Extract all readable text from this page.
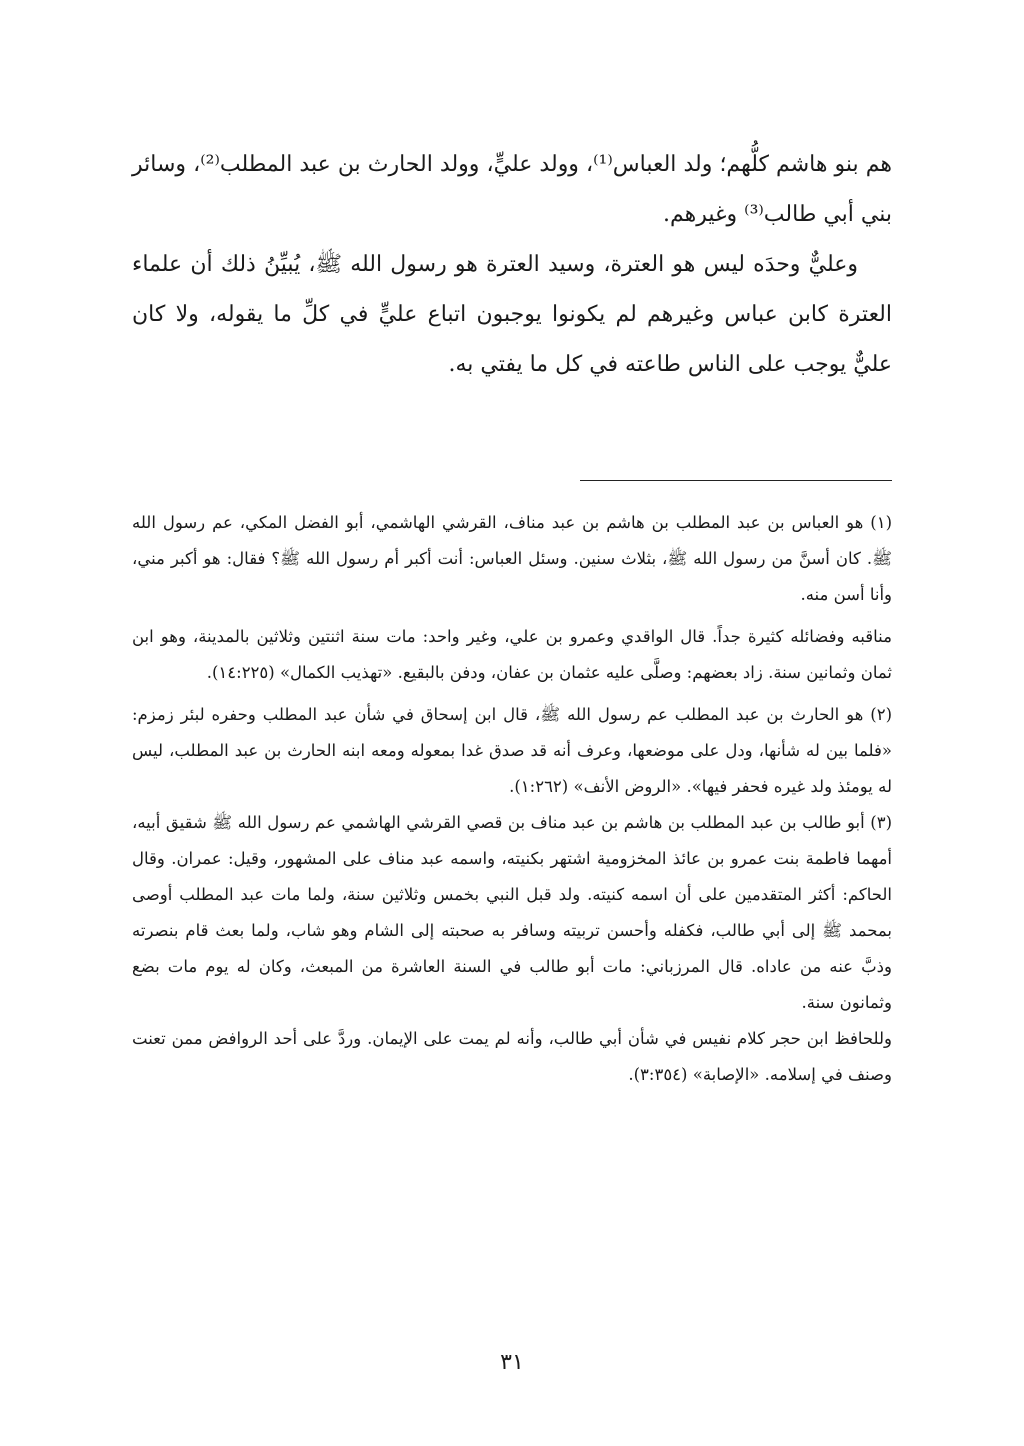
هم بنو هاشم كلُّهم؛ ولد العباس⁽¹⁾، وولد عليٍّ، وولد الحارث بن عبد المطلب⁽²⁾، وسائر بني أبي طالب⁽³⁾ وغيرهم.

وعليٌّ وحدَه ليس هو العترة، وسيد العترة هو رسول الله ﷺ، يُبيِّنُ ذلك أن علماء العترة كابن عباس وغيرهم لم يكونوا يوجبون اتباع عليٍّ في كلِّ ما يقوله، ولا كان عليٌّ يوجب على الناس طاعته في كل ما يفتي به.

(١) هو العباس بن عبد المطلب بن هاشم بن عبد مناف، القرشي الهاشمي، أبو الفضل المكي، عم رسول الله ﷺ. كان أسنَّ من رسول الله ﷺ، بثلاث سنين. وسئل العباس: أنت أكبر أم رسول الله ﷺ؟ فقال: هو أكبر مني، وأنا أسن منه.

مناقبه وفضائله كثيرة جداً. قال الواقدي وعمرو بن علي، وغير واحد: مات سنة اثنتين وثلاثين بالمدينة، وهو ابن ثمان وثمانين سنة. زاد بعضهم: وصلَّى عليه عثمان بن عفان، ودفن بالبقيع. «تهذيب الكمال» (١٤:٢٢٥).

(٢) هو الحارث بن عبد المطلب عم رسول الله ﷺ، قال ابن إسحاق في شأن عبد المطلب وحفره لبئر زمزم: «فلما بين له شأنها، ودل على موضعها، وعرف أنه قد صدق غدا بمعوله ومعه ابنه الحارث بن عبد المطلب، ليس له يومئذ ولد غيره فحفر فيها». «الروض الأنف» (١:٢٦٢).

(٣) أبو طالب بن عبد المطلب بن هاشم بن عبد مناف بن قصي القرشي الهاشمي عم رسول الله ﷺ شقيق أبيه، أمهما فاطمة بنت عمرو بن عائذ المخزومية اشتهر بكنيته، واسمه عبد مناف على المشهور، وقيل: عمران. وقال الحاكم: أكثر المتقدمين على أن اسمه كنيته. ولد قبل النبي بخمس وثلاثين سنة، ولما مات عبد المطلب أوصى بمحمد ﷺ إلى أبي طالب، فكفله وأحسن تربيته وسافر به صحبته إلى الشام وهو شاب، ولما بعث قام بنصرته وذبَّ عنه من عاداه. قال المرزباني: مات أبو طالب في السنة العاشرة من المبعث، وكان له يوم مات بضع وثمانون سنة.

وللحافظ ابن حجر كلام نفيس في شأن أبي طالب، وأنه لم يمت على الإيمان. وردَّ على أحد الروافض ممن تعنت وصنف في إسلامه. «الإصابة» (٣:٣٥٤).

٣١
